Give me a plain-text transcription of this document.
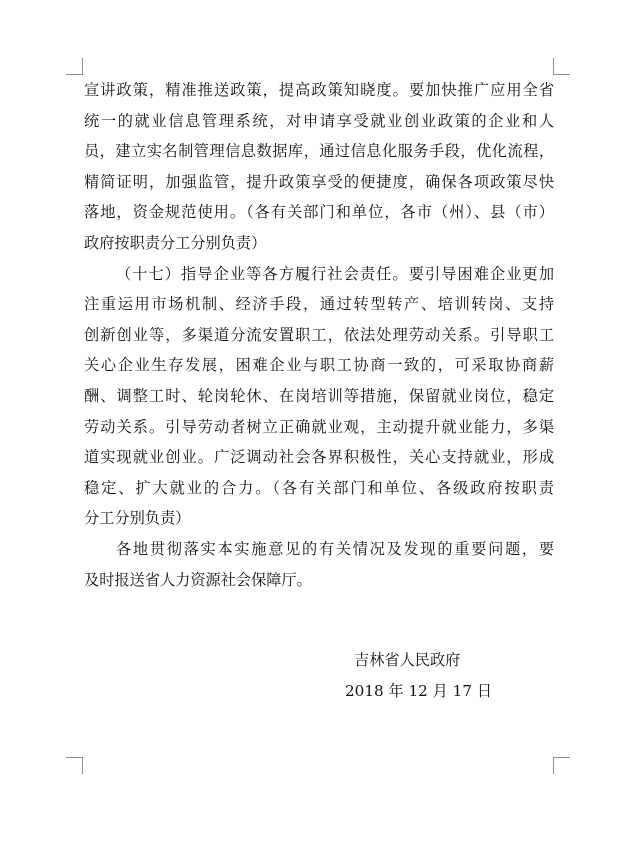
宣讲政策，精准推送政策，提高政策知晓度。要加快推广应用全省
统一的就业信息管理系统，对申请享受就业创业政策的企业和人
员，建立实名制管理信息数据库，通过信息化服务手段，优化流程，
精简证明，加强监管，提升政策享受的便捷度，确保各项政策尽快
落地，资金规范使用。（各有关部门和单位，各市（州）、县（市）
政府按职责分工分别负责）
（十七）指导企业等各方履行社会责任。要引导困难企业更加
注重运用市场机制、经济手段，通过转型转产、培训转岗、支持
创新创业等，多渠道分流安置职工，依法处理劳动关系。引导职工
关心企业生存发展，困难企业与职工协商一致的，可采取协商薪
酬、调整工时、轮岗轮休、在岗培训等措施，保留就业岗位，稳定
劳动关系。引导劳动者树立正确就业观，主动提升就业能力，多渠
道实现就业创业。广泛调动社会各界积极性，关心支持就业，形成
稳定、扩大就业的合力。（各有关部门和单位、各级政府按职责
分工分别负责）
各地贯彻落实本实施意见的有关情况及发现的重要问题，要
及时报送省人力资源社会保障厅。
吉林省人民政府
2018 年 12 月 17 日
